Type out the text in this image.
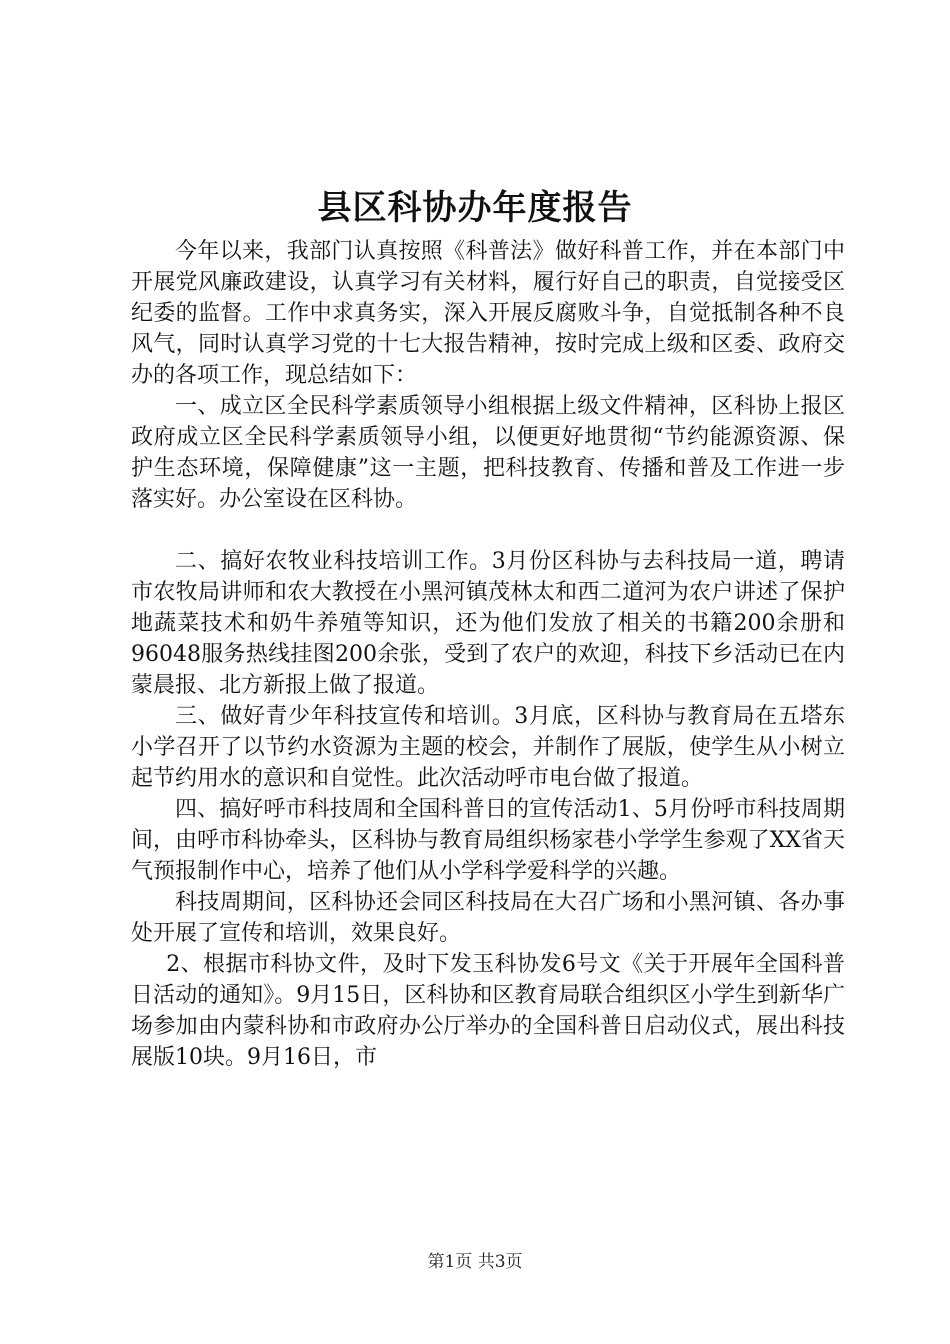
县区科协办年度报告

今年以来，我部门认真按照《科普法》做好科普工作，并在本部门中开展党风廉政建设，认真学习有关材料，履行好自己的职责，自觉接受区纪委的监督。工作中求真务实，深入开展反腐败斗争，自觉抵制各种不良风气，同时认真学习党的十七大报告精神，按时完成上级和区委、政府交办的各项工作，现总结如下：

一、成立区全民科学素质领导小组根据上级文件精神，区科协上报区政府成立区全民科学素质领导小组，以便更好地贯彻“节约能源资源、保护生态环境，保障健康”这一主题，把科技教育、传播和普及工作进一步落实好。办公室设在区科协。

二、搞好农牧业科技培训工作。3月份区科协与去科技局一道，聘请市农牧局讲师和农大教授在小黑河镇茂林太和西二道河为农户讲述了保护地蔬菜技术和奶牛养殖等知识，还为他们发放了相关的书籍200余册和96048服务热线挂图200余张，受到了农户的欢迎，科技下乡活动已在内蒙晨报、北方新报上做了报道。

三、做好青少年科技宣传和培训。3月底，区科协与教育局在五塔东小学召开了以节约水资源为主题的校会，并制作了展版，使学生从小树立起节约用水的意识和自觉性。此次活动呼市电台做了报道。

四、搞好呼市科技周和全国科普日的宣传活动1、5月份呼市科技周期间，由呼市科协牵头，区科协与教育局组织杨家巷小学学生参观了XX省天气预报制作中心，培养了他们从小学科学爱科学的兴趣。

科技周期间，区科协还会同区科技局在大召广场和小黑河镇、各办事处开展了宣传和培训，效果良好。

2、根据市科协文件，及时下发玉科协发6号文《关于开展年全国科普日活动的通知》。9月15日，区科协和区教育局联合组织区小学生到新华广场参加由内蒙科协和市政府办公厅举办的全国科普日启动仪式，展出科技展版10块。9月16日，市

第1页 共3页
